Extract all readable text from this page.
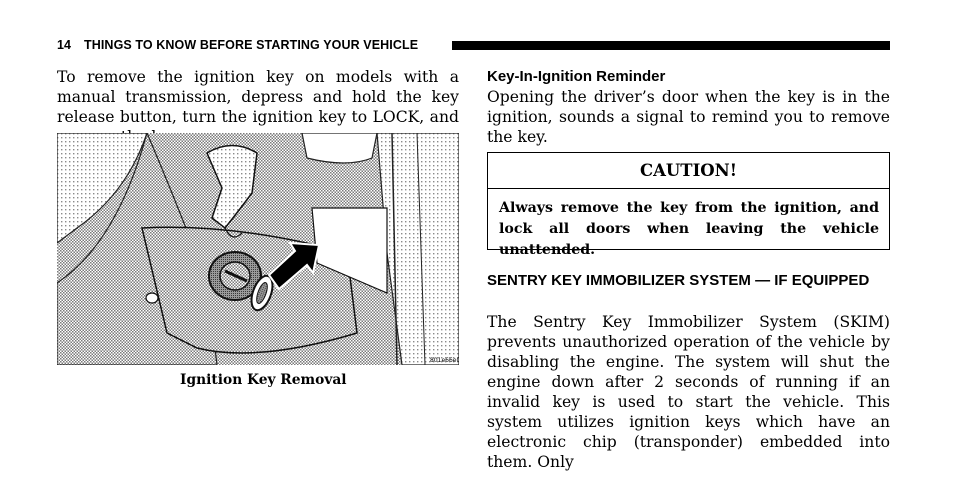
14 THINGS TO KNOW BEFORE STARTING YOUR VEHICLE

To remove the ignition key on models with a manual transmission, depress and hold the key release button, turn the ignition key to LOCK, and

801e66e0
Ignition Key Removal

Key-In-Ignition Reminder

Opening the driver’s door when the key is in the ignition, sounds a signal to remind you to remove the key.

CAUTION!
Always remove the key from the ignition, and lock all doors when leaving the vehicle unattended.

SENTRY KEY IMMOBILIZER SYSTEM — IF EQUIPPED

The Sentry Key Immobilizer System (SKIM) prevents unauthorized operation of the vehicle by disabling the engine. The system will shut the engine down after 2 seconds of running if an invalid key is used to start the vehicle. This system utilizes ignition keys which have an electronic chip (transponder) embedded into them. Only
